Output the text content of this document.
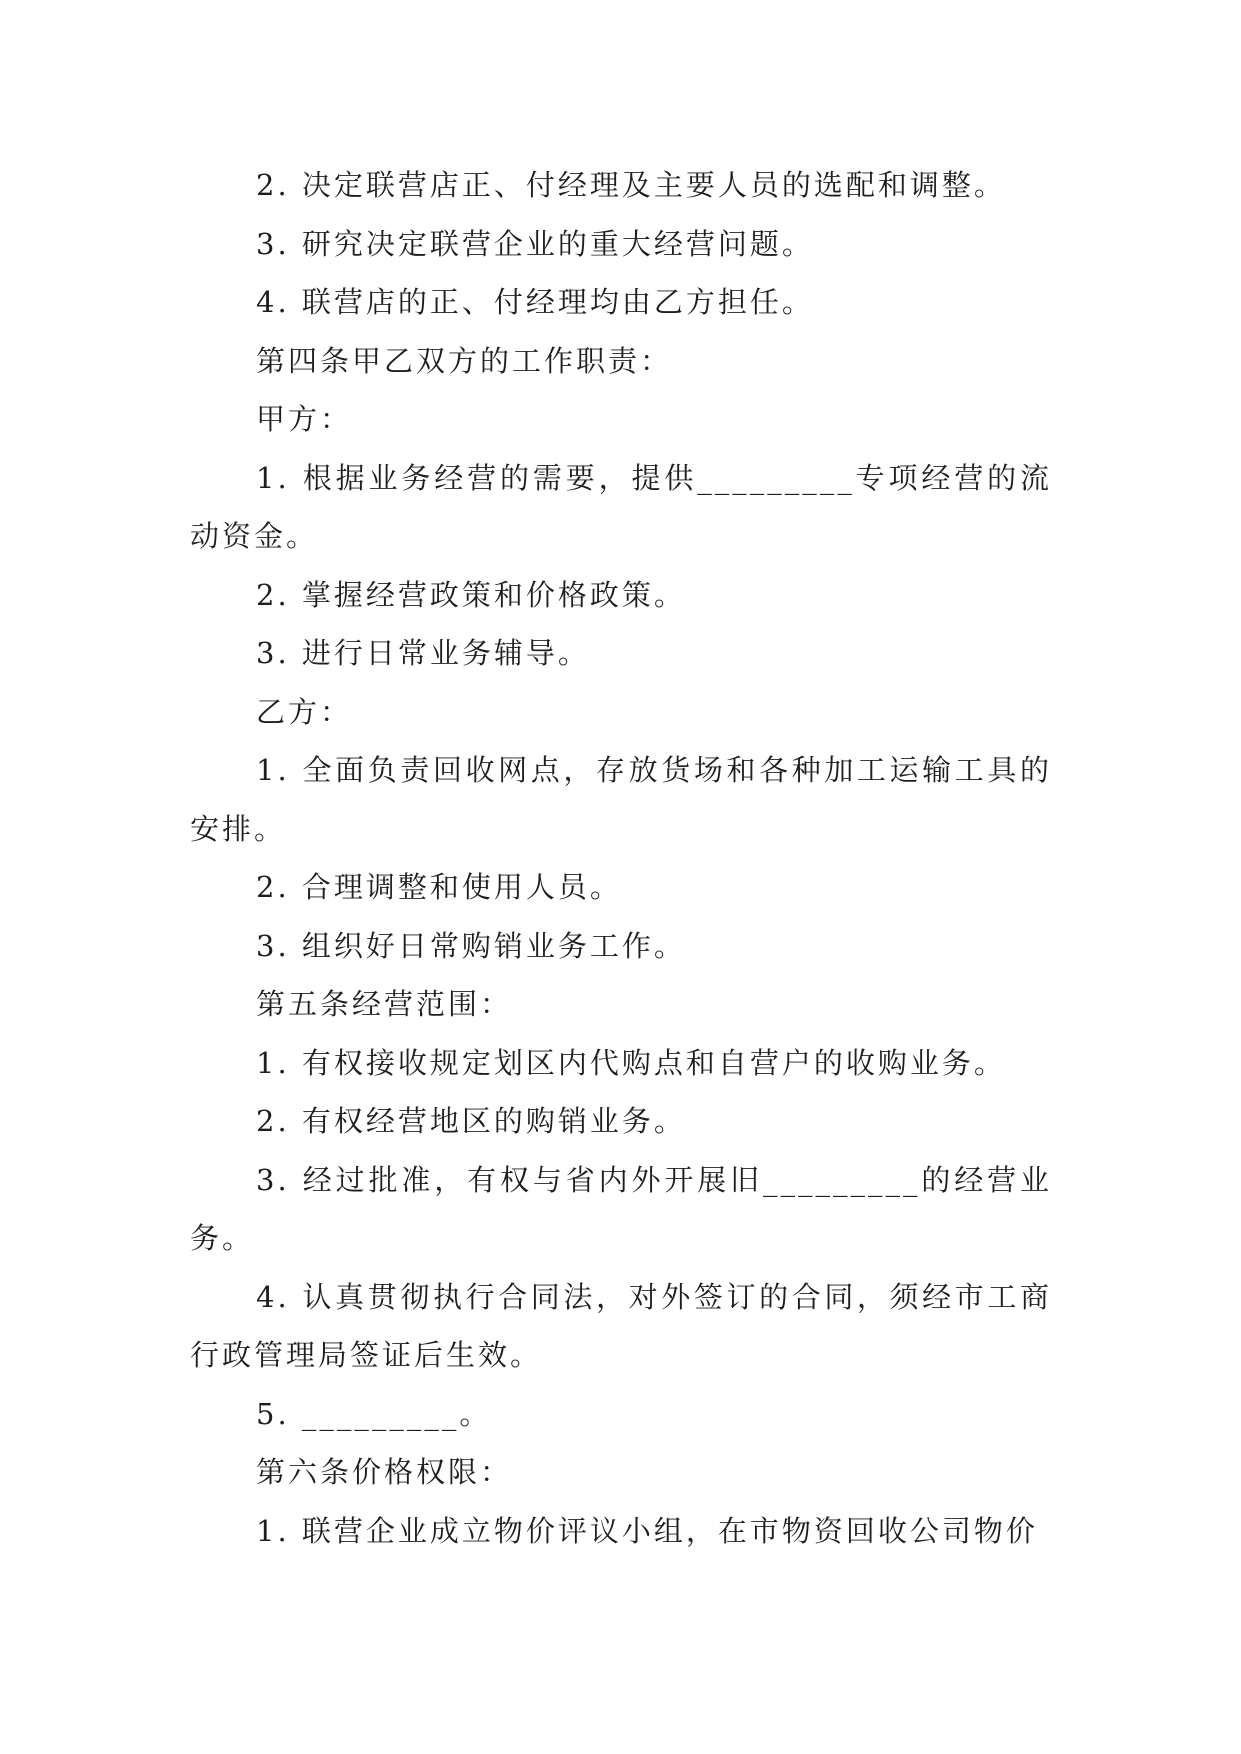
2. 决定联营店正、付经理及主要人员的选配和调整。

3. 研究决定联营企业的重大经营问题。

4. 联营店的正、付经理均由乙方担任。

第四条甲乙双方的工作职责：

甲方：

1. 根据业务经营的需要，提供_________专项经营的流动资金。

2. 掌握经营政策和价格政策。

3. 进行日常业务辅导。

乙方：

1. 全面负责回收网点，存放货场和各种加工运输工具的安排。

2. 合理调整和使用人员。

3. 组织好日常购销业务工作。

第五条经营范围：

1. 有权接收规定划区内代购点和自营户的收购业务。

2. 有权经营地区的购销业务。

3. 经过批准，有权与省内外开展旧_________的经营业务。

4. 认真贯彻执行合同法，对外签订的合同，须经市工商行政管理局签证后生效。

5. _________。

第六条价格权限：

1. 联营企业成立物价评议小组，在市物资回收公司物价
